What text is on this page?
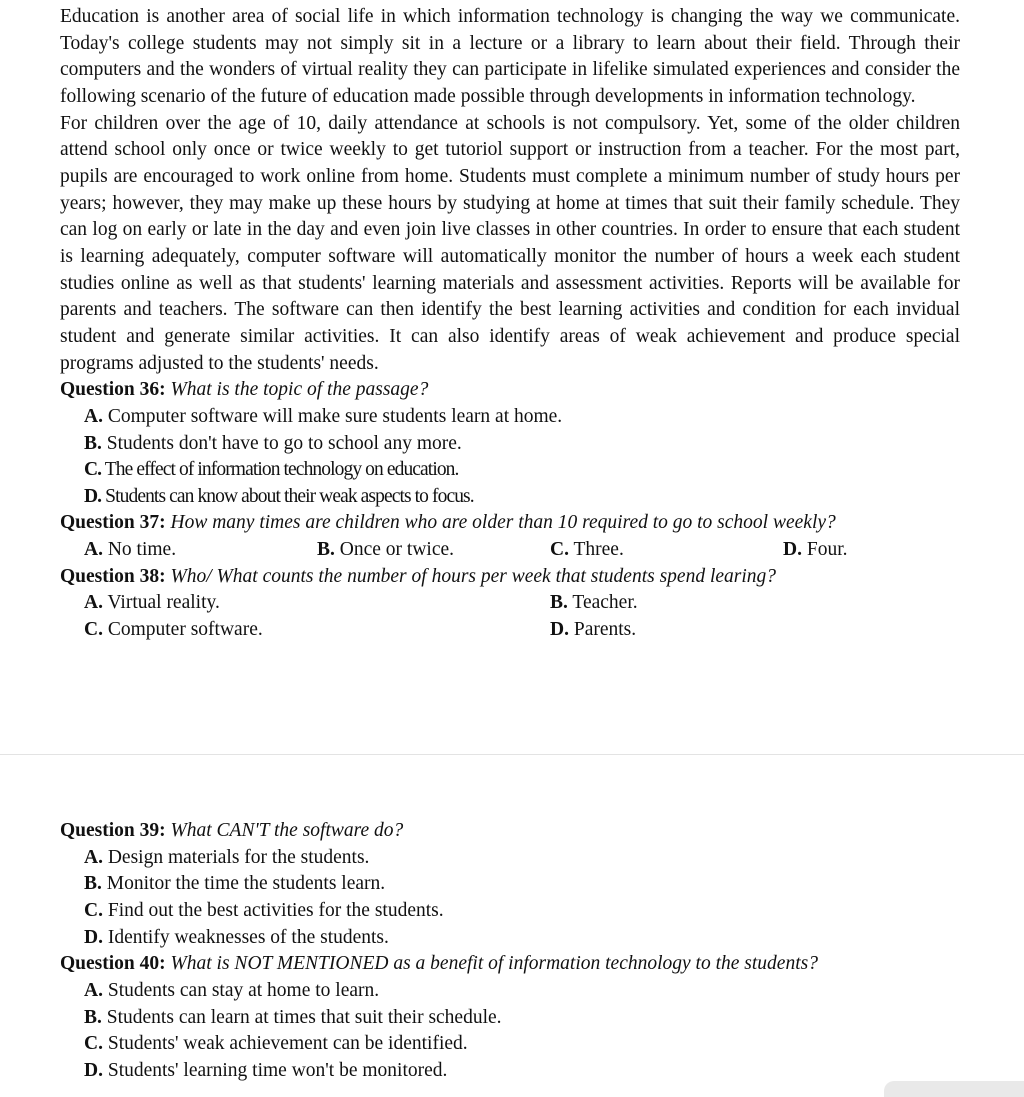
Education is another area of social life in which information technology is changing the way we communicate. Today's college students may not simply sit in a lecture or a library to learn about their field. Through their computers and the wonders of virtual reality they can participate in lifelike simulated experiences and consider the following scenario of the future of education made possible through developments in information technology.

For children over the age of 10, daily attendance at schools is not compulsory. Yet, some of the older children attend school only once or twice weekly to get tutoriol support or instruction from a teacher. For the most part, pupils are encouraged to work online from home. Students must complete a minimum number of study hours per years; however, they may make up these hours by studying at home at times that suit their family schedule. They can log on early or late in the day and even join live classes in other countries. In order to ensure that each student is learning adequately, computer software will automatically monitor the number of hours a week each student studies online as well as that students' learning materials and assessment activities. Reports will be available for parents and teachers. The software can then identify the best learning activities and condition for each invidual student and generate similar activities. It can also identify areas of weak achievement and produce special programs adjusted to the students' needs.

Question 36: What is the topic of the passage?
A. Computer software will make sure students learn at home.
B. Students don't have to go to school any more.
C. The effect of information technology on education.
D. Students can know about their weak aspects to focus.
Question 37: How many times are children who are older than 10 required to go to school weekly?
A. No time.	B. Once or twice.	C. Three.	D. Four.
Question 38: Who/ What counts the number of hours per week that students spend learing?
A. Virtual reality.	B. Teacher.
C. Computer software.	D. Parents.
Question 39: What CAN'T the software do?
A. Design materials for the students.
B. Monitor the time the students learn.
C. Find out the best activities for the students.
D. Identify weaknesses of the students.
Question 40: What is NOT MENTIONED as a benefit of information technology to the students?
A. Students can stay at home to learn.
B. Students can learn at times that suit their schedule.
C. Students' weak achievement can be identified.
D. Students' learning time won't be monitored.
